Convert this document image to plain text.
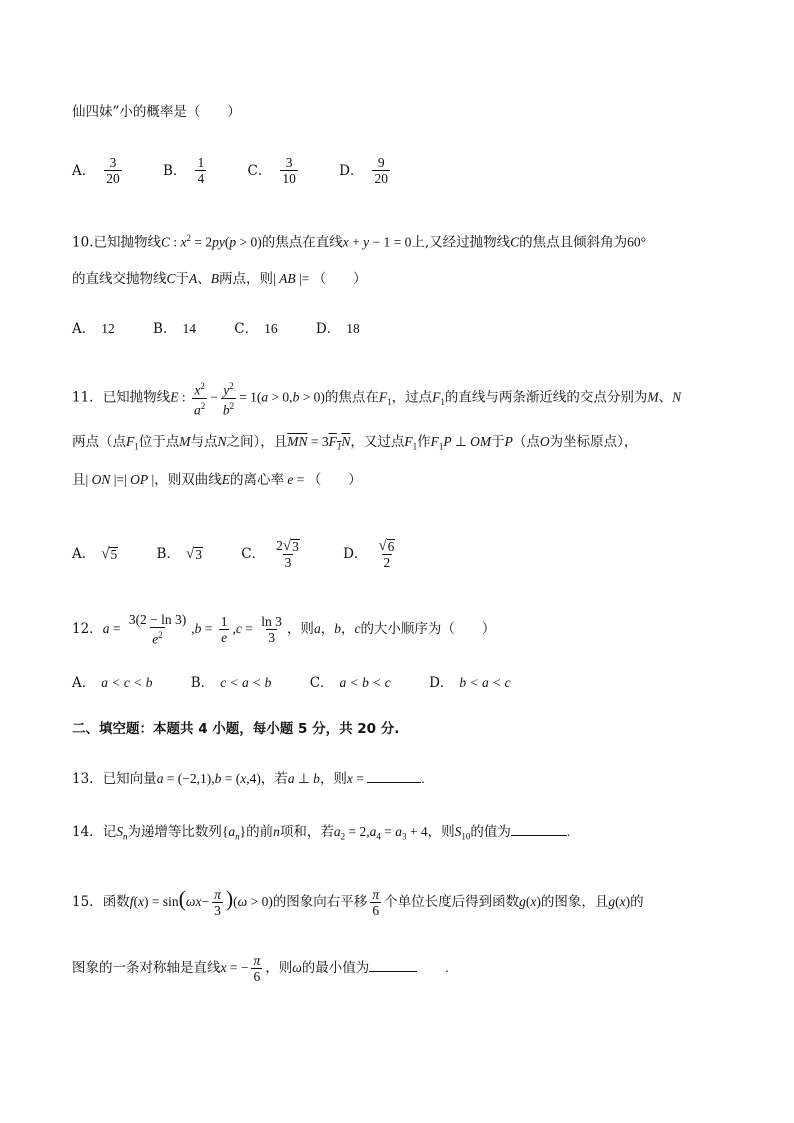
仙四妹”小的概率是（　　）
A． $\frac{3}{20}$
	B． $\frac{1}{4}$
	C． $\frac{3}{10}$
	D． $\frac{9}{20}$
10.已知抛物线C : $x^2 = 2py(p > 0)$的焦点在直线x + y − 1 = 0上,又经过抛物线C的焦点且倾斜角为60°
的直线交抛物线C于A、B两点，则| AB |= （　　）
A． 12
	B． 14
	C． 16
	D． 18
11．已知抛物线E : $\frac{x^2}{a^2} - \frac{y^2}{b^2} = 1(a > 0,b > 0)$的焦点在$F_1$，过点$F_1$的直线与两条渐近线的交点分别为M、N
两点（点$F_1$位于点M与点N之间），且$\overline{MN} = 3F_1N$，又过点$F_1$作$F_1P$ ⊥ OM于P（点O为坐标原点），
且| ON |=| OP |，则双曲线E的离心率 e = （　　）
A． √ 5
	B． √ 3
	C． $\frac{2 √ 3}{3}$
	D． $\frac{√ 6}{2}$
12．$a = \frac{3(2 - \ln 3)}{e^2} ,b = \frac{1}{e} ,c = \frac{\ln 3}{3}$ ，则a，b，c的大小顺序为（　　）
A． a < c < b
	B． c < a < b
	C． a < b < c
	D． b < a < c
二、填空题：本题共 4 小题，每小题 5 分，共 20 分.
13．已知向量a = (−2,1),b = (x,4)，若a ⊥ b，则x =	.
14．记$S_n$为递增等比数列$\{a_n\}$的前n项和，若$a_2 = 2,a_4 = a_3 + 4$，则$S_{10}$的值为	.
15．函数$f(x) = \sin(\omega x- \frac{\pi}{3} )(\omega > 0)$的图象向右平移 $\frac{\pi}{6}$ 个单位长度后得到函数g(x)的图象，且g(x)的
图象的一条对称轴是直线x = − $\frac{\pi}{6}$ ，则ω的最小值为	.
